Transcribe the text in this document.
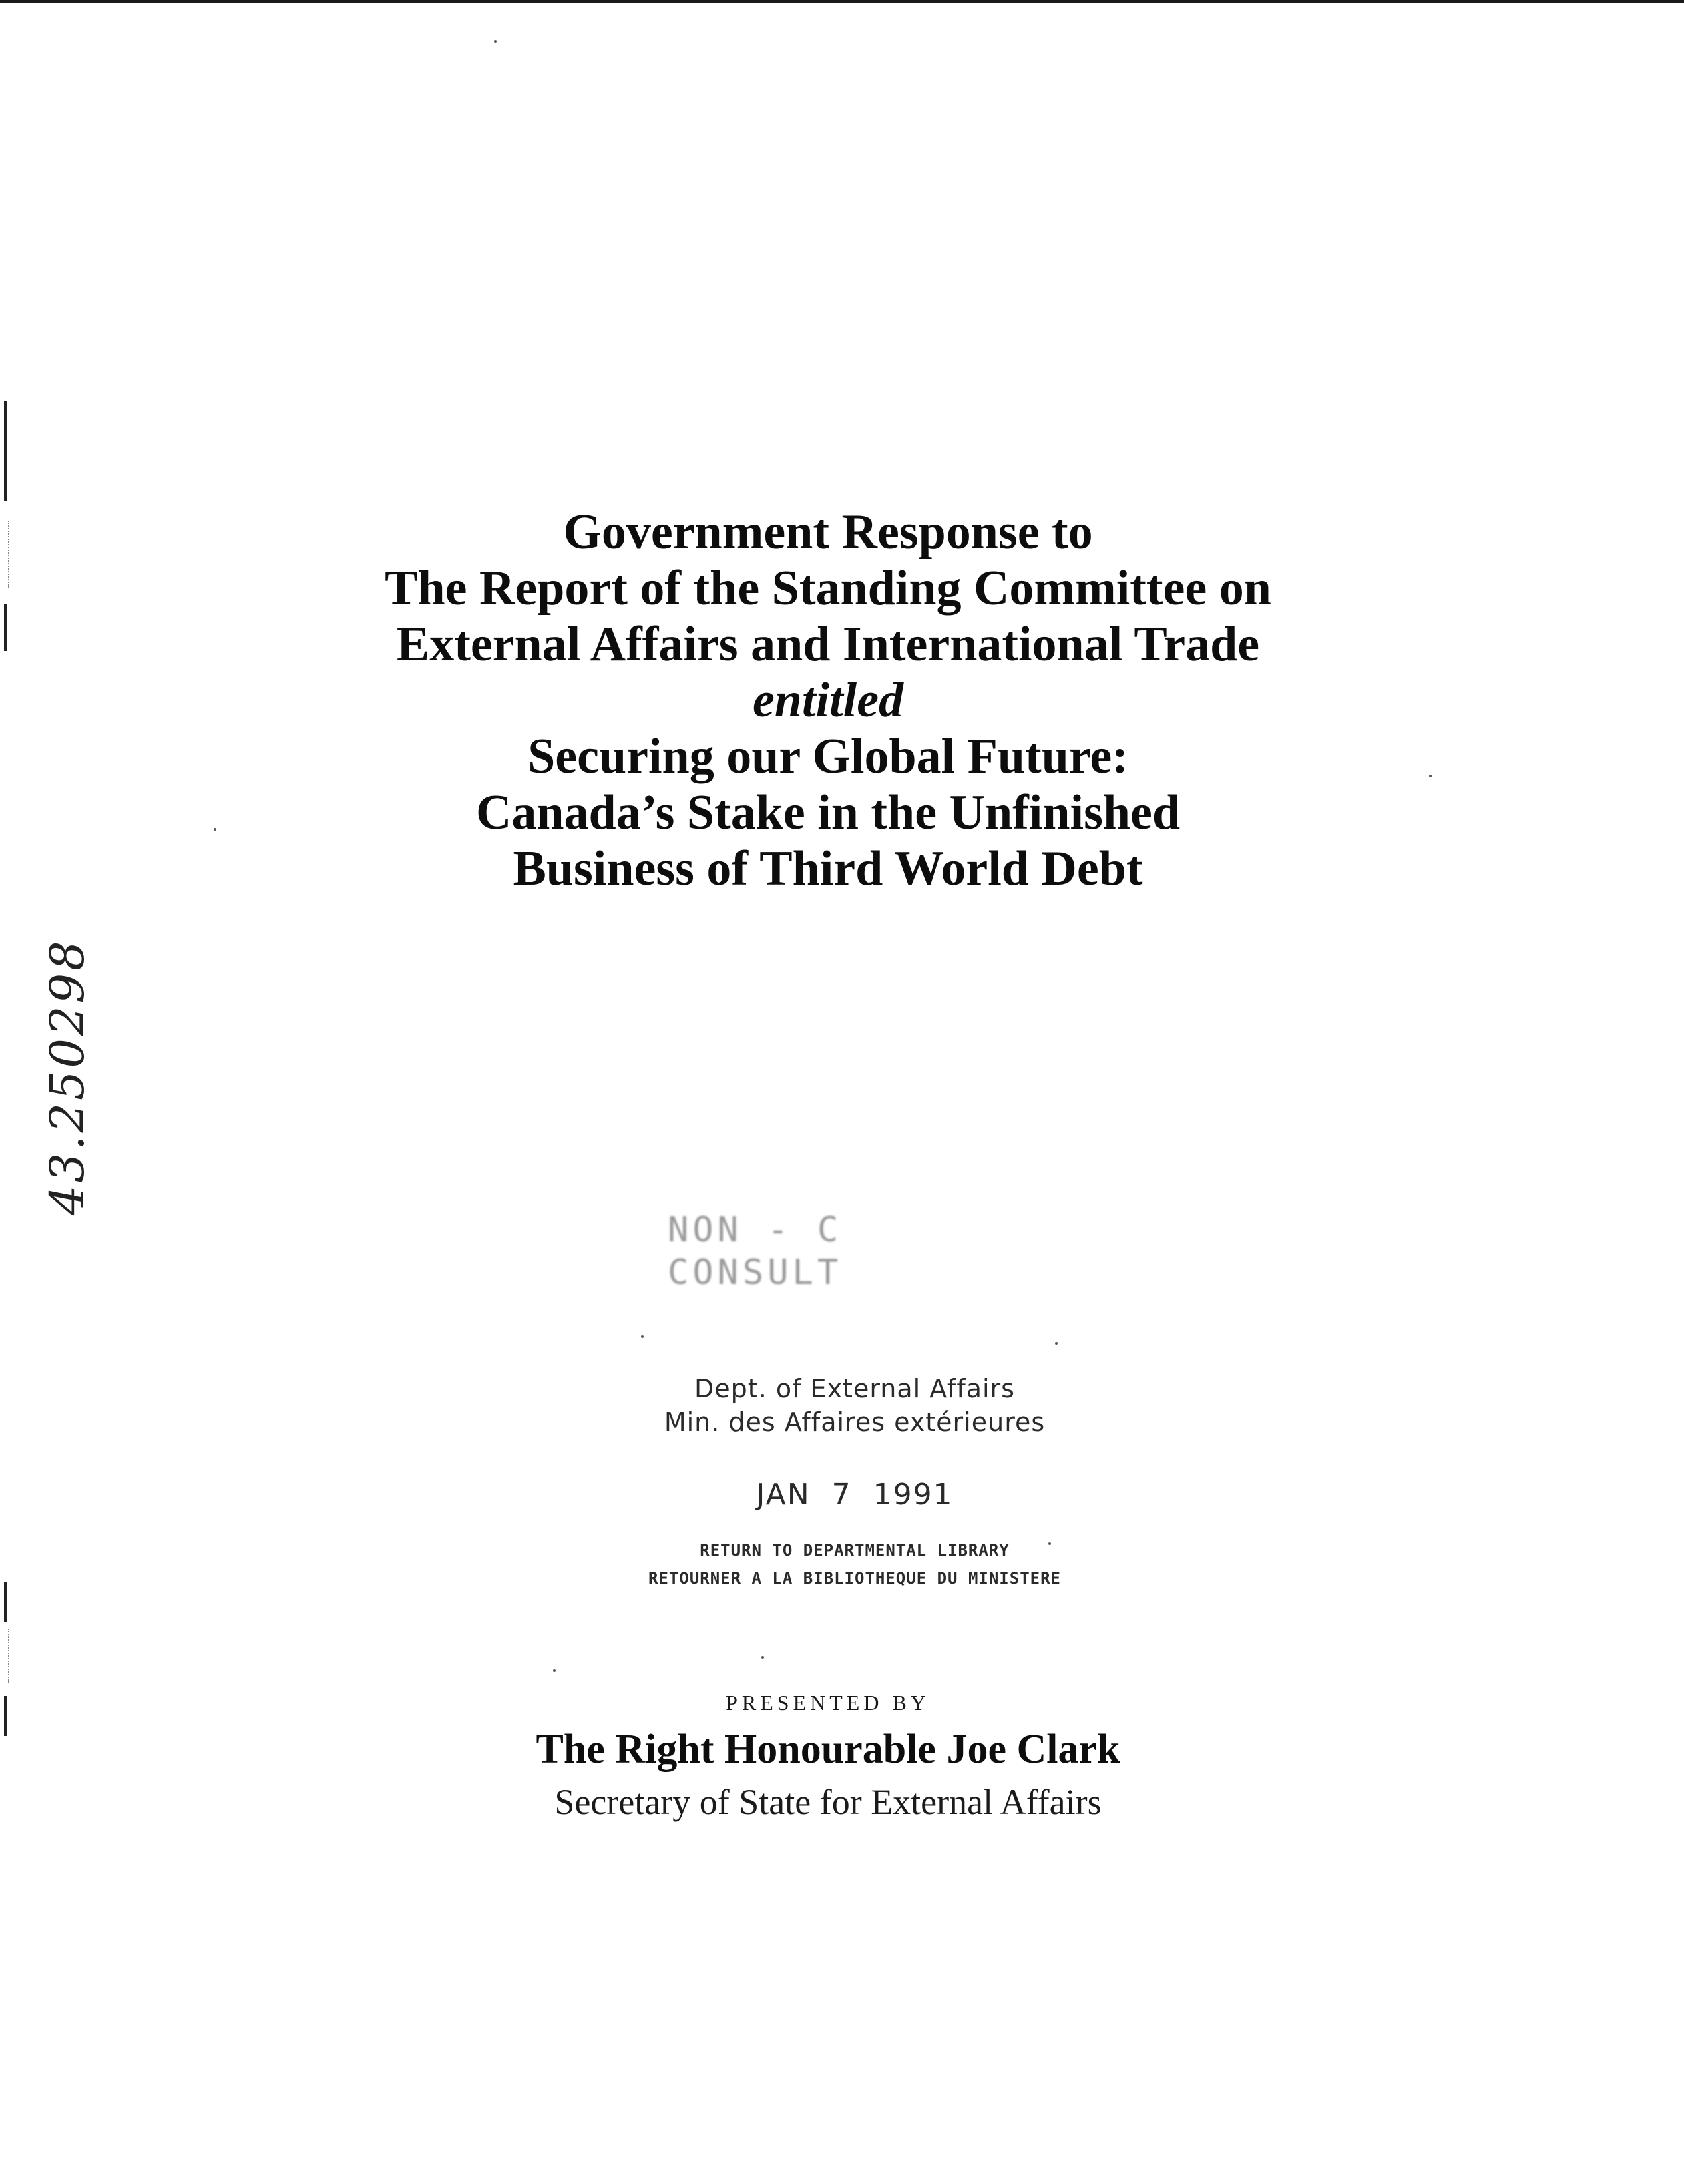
Government Response to
The Report of the Standing Committee on
External Affairs and International Trade
entitled
Securing our Global Future:
Canada’s Stake in the Unfinished
Business of Third World Debt
43.250298
NON - C
CONSULT
Dept. of External Affairs
Min. des Affaires extérieures
JAN  7  1991
RETURN TO DEPARTMENTAL LIBRARY
RETOURNER A LA BIBLIOTHEQUE DU MINISTERE
PRESENTED BY
The Right Honourable Joe Clark
Secretary of State for External Affairs
